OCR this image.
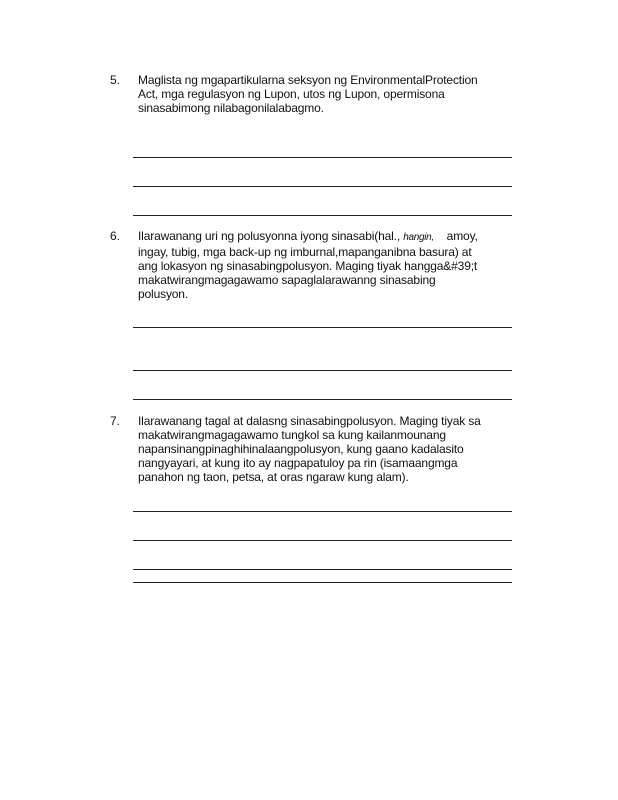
5. Maglista ng mgapartikularna seksyon ng EnvironmentalProtection

Act, mga regulasyon ng Lupon, utos ng Lupon, opermisona

sinasabimong nilabagonilalabagmo.

6. Ilarawanang uri ng polusyonna iyong sinasabi(hal., hangin, amoy,

ingay, tubig, mga back-up ng imburnal,mapanganibna basura) at

ang lokasyon ng sinasabingpolusyon. Maging tiyak hangga&#39;t

makatwirangmagagawamo sapaglalarawanng sinasabing

polusyon.

7. Ilarawanang tagal at dalasng sinasabingpolusyon. Maging tiyak sa

makatwirangmagagawamo tungkol sa kung kailanmounang

napansinangpinaghihinalaangpolusyon, kung gaano kadalasito

nangyayari, at kung ito ay nagpapatuloy pa rin (isamaangmga

panahon ng taon, petsa, at oras ngaraw kung alam).
